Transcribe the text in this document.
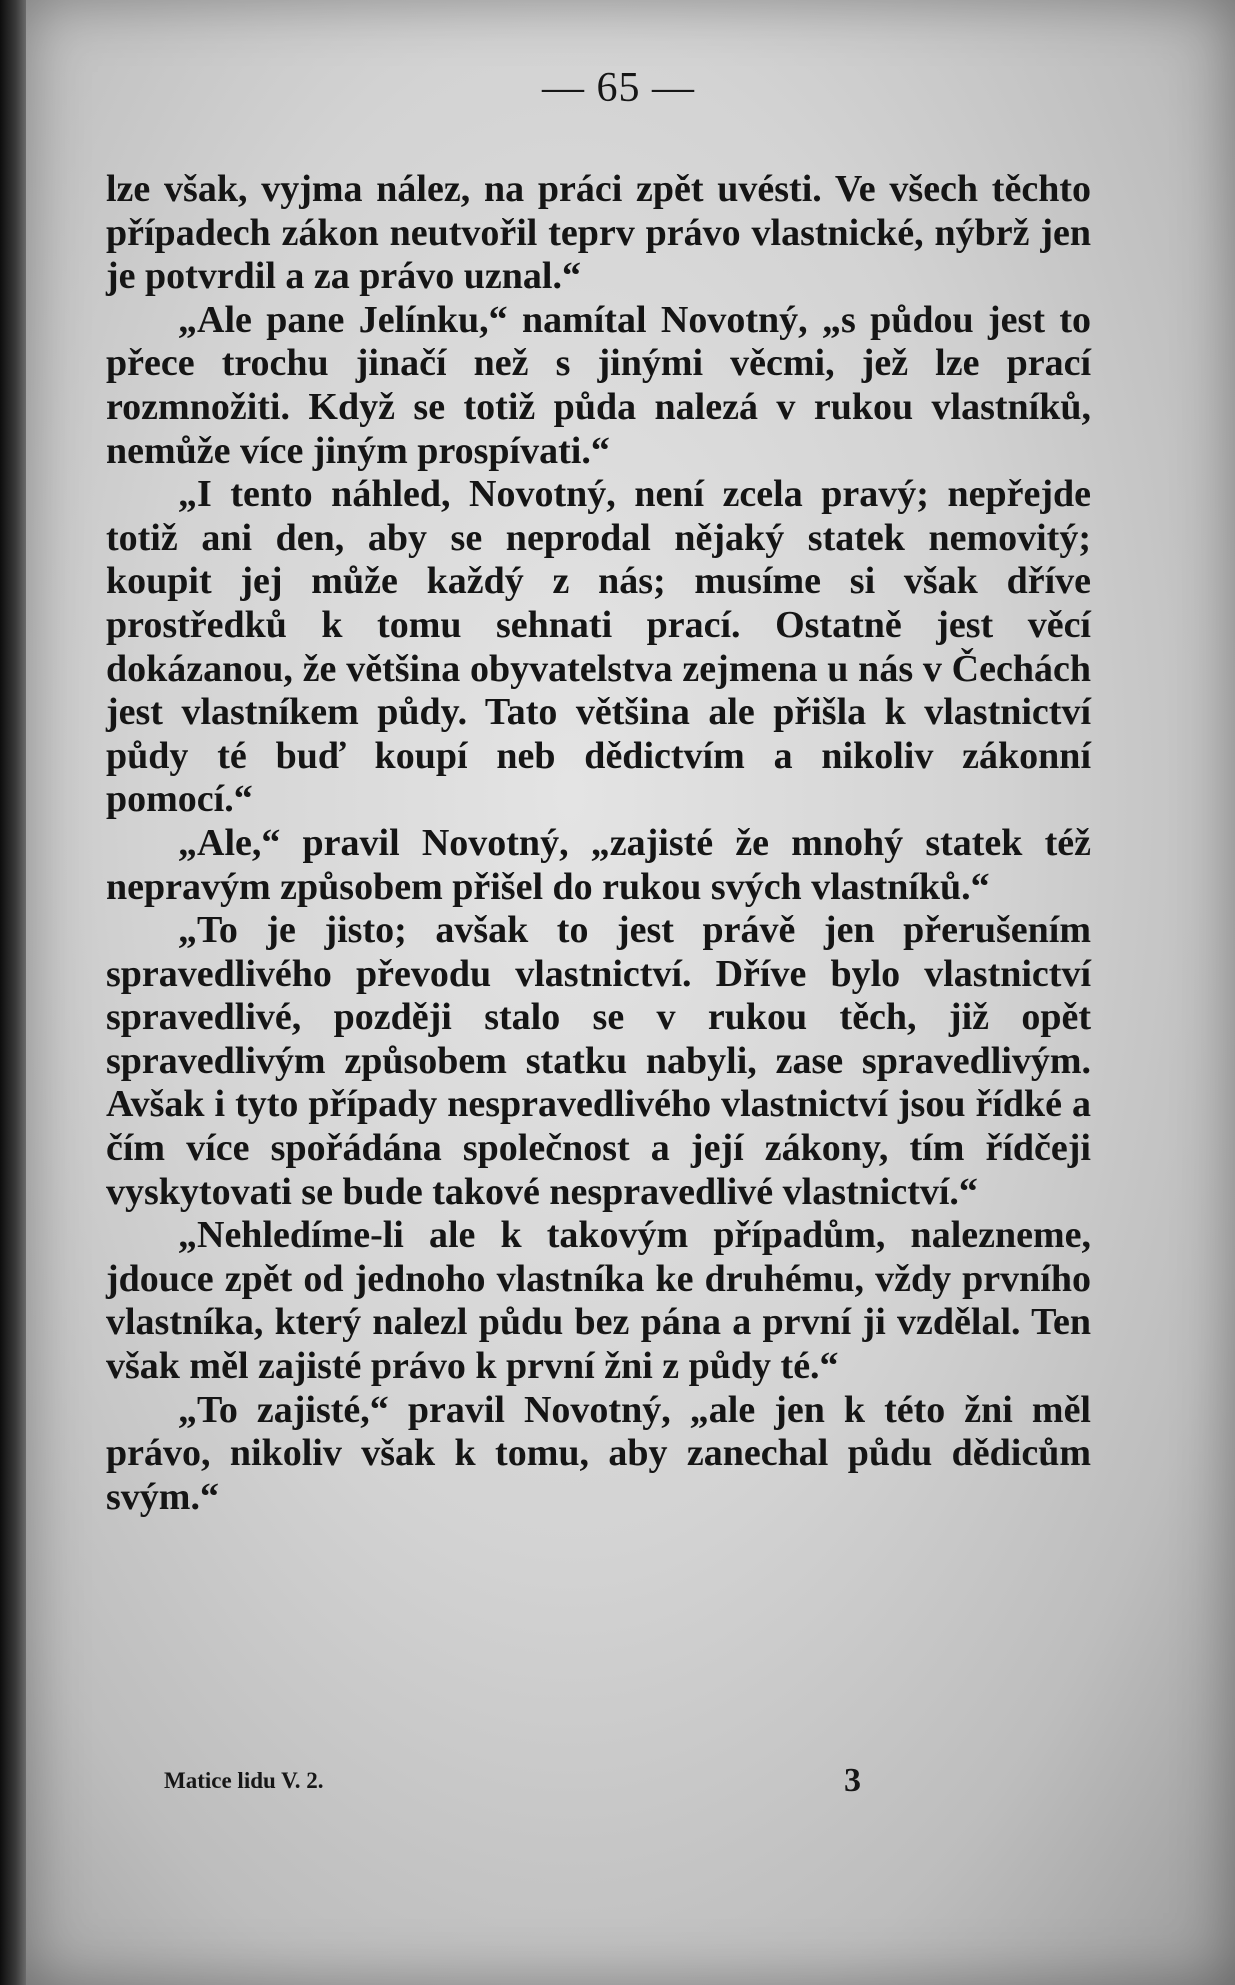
— 65 —

lze však, vyjma nález, na práci zpět uvésti. Ve všech těchto případech zákon neutvořil teprv právo vlastnické, nýbrž jen je potvrdil a za právo uznal.“

„Ale pane Jelínku,“ namítal Novotný, „s půdou jest to přece trochu jinačí než s jinými věcmi, jež lze prací rozmnožiti. Když se totiž půda nalezá v rukou vlastníků, nemůže více jiným prospívati.“

„I tento náhled, Novotný, není zcela pravý; nepřejde totiž ani den, aby se neprodal nějaký statek nemovitý; koupit jej může každý z nás; musíme si však dříve prostředků k tomu sehnati prací. Ostatně jest věcí dokázanou, že většina obyvatelstva zejmena u nás v Čechách jest vlastníkem půdy. Tato většina ale přišla k vlastnictví půdy té buď koupí neb dědictvím a nikoliv zákonní pomocí.“

„Ale,“ pravil Novotný, „zajisté že mnohý statek též nepravým způsobem přišel do rukou svých vlastníků.“

„To je jisto; avšak to jest právě jen přerušením spravedlivého převodu vlastnictví. Dříve bylo vlastnictví spravedlivé, později stalo se v rukou těch, již opět spravedlivým způsobem statku nabyli, zase spravedlivým. Avšak i tyto případy nespravedlivého vlastnictví jsou řídké a čím více spořádána společnost a její zákony, tím řídčeji vyskytovati se bude takové nespravedlivé vlastnictví.“

„Nehledíme-li ale k takovým případům, nalezneme, jdouce zpět od jednoho vlastníka ke druhému, vždy prvního vlastníka, který nalezl půdu bez pána a první ji vzdělal. Ten však měl zajisté právo k první žni z půdy té.“

„To zajisté,“ pravil Novotný, „ale jen k této žni měl právo, nikoliv však k tomu, aby zanechal půdu dědicům svým.“

Matice lidu V. 2.	3
